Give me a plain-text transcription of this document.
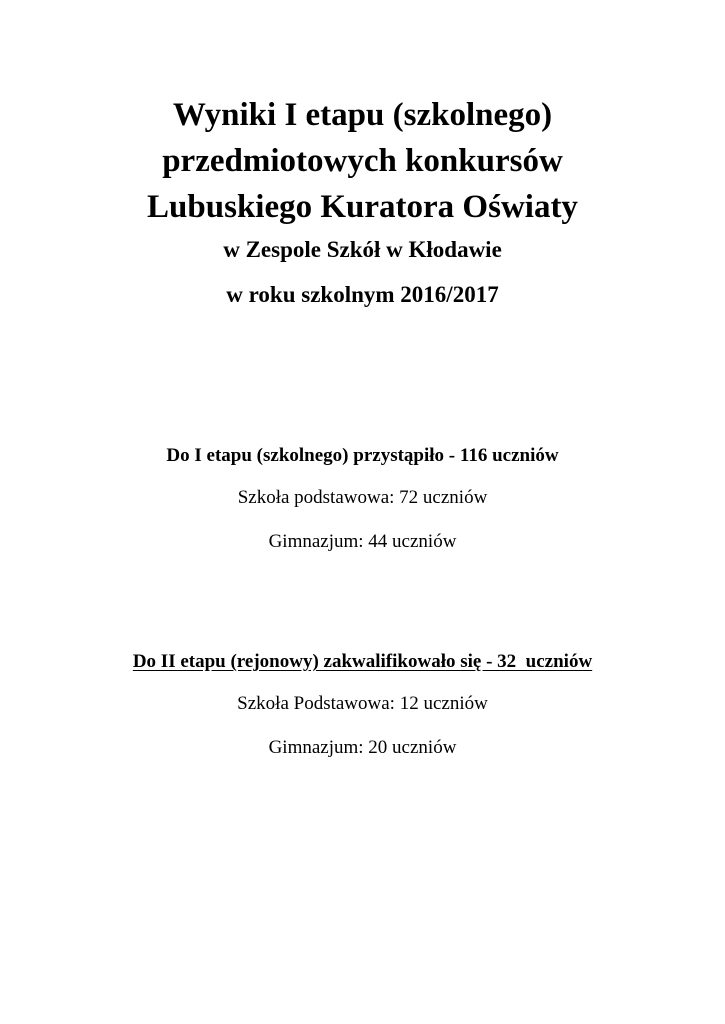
Wyniki I etapu (szkolnego)
przedmiotowych konkursów
Lubuskiego Kuratora Oświaty
w Zespole Szkół w Kłodawie
w roku szkolnym 2016/2017
Do I etapu (szkolnego) przystąpiło - 116 uczniów
Szkoła podstawowa: 72 uczniów
Gimnazjum: 44 uczniów
Do II etapu (rejonowy) zakwalifikowało się - 32  uczniów
Szkoła Podstawowa: 12 uczniów
Gimnazjum: 20 uczniów
